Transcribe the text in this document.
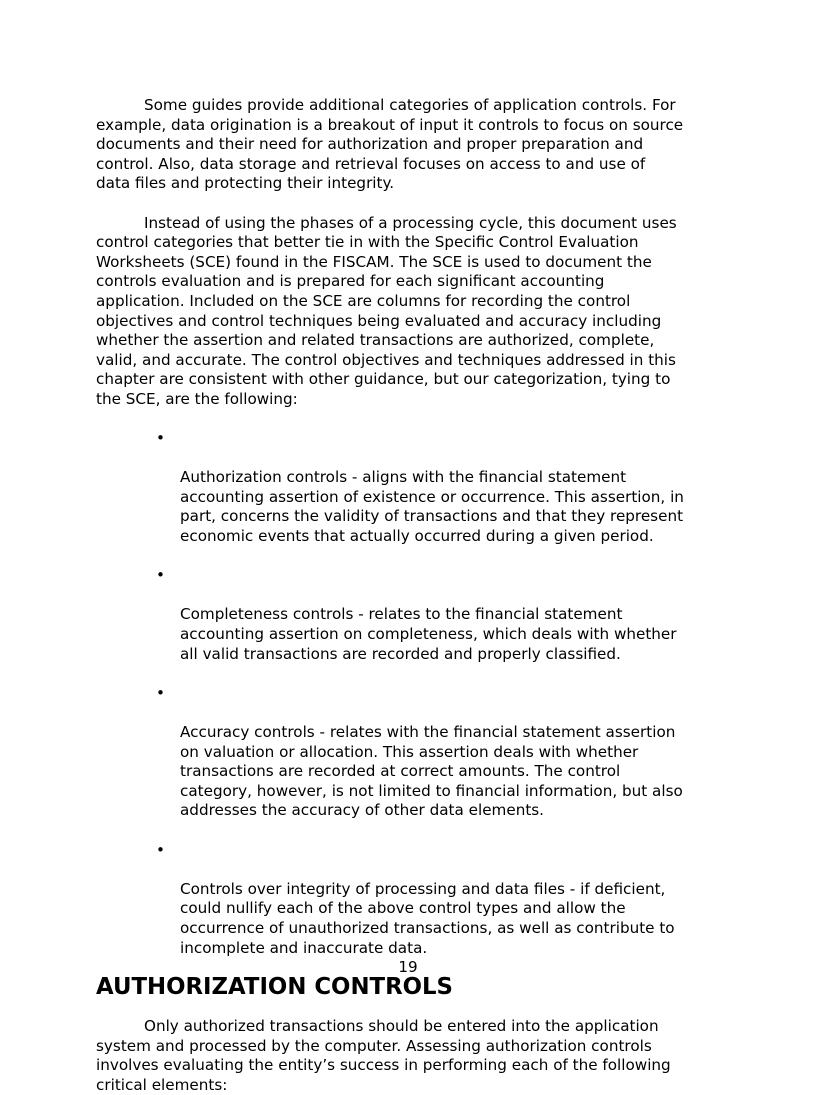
Some guides provide additional categories of application controls. For
example, data origination is a breakout of input it controls to focus on source
documents and their need for authorization and proper preparation and
control. Also, data storage and retrieval focuses on access to and use of
data files and protecting their integrity.

Instead of using the phases of a processing cycle, this document uses
control categories that better tie in with the Specific Control Evaluation
Worksheets (SCE) found in the FISCAM. The SCE is used to document the
controls evaluation and is prepared for each significant accounting
application. Included on the SCE are columns for recording the control
objectives and control techniques being evaluated and accuracy including
whether the assertion and related transactions are authorized, complete,
valid, and accurate. The control objectives and techniques addressed in this
chapter are consistent with other guidance, but our categorization, tying to
the SCE, are the following:

•

Authorization controls - aligns with the financial statement
accounting assertion of existence or occurrence. This assertion, in
part, concerns the validity of transactions and that they represent
economic events that actually occurred during a given period.

•

Completeness controls - relates to the financial statement
accounting assertion on completeness, which deals with whether
all valid transactions are recorded and properly classified.

•

Accuracy controls - relates with the financial statement assertion
on valuation or allocation. This assertion deals with whether
transactions are recorded at correct amounts. The control
category, however, is not limited to financial information, but also
addresses the accuracy of other data elements.

•

Controls over integrity of processing and data files - if deficient,
could nullify each of the above control types and allow the
occurrence of unauthorized transactions, as well as contribute to
incomplete and inaccurate data.

AUTHORIZATION CONTROLS

Only authorized transactions should be entered into the application
system and processed by the computer. Assessing authorization controls
involves evaluating the entity’s success in performing each of the following
critical elements:

19
